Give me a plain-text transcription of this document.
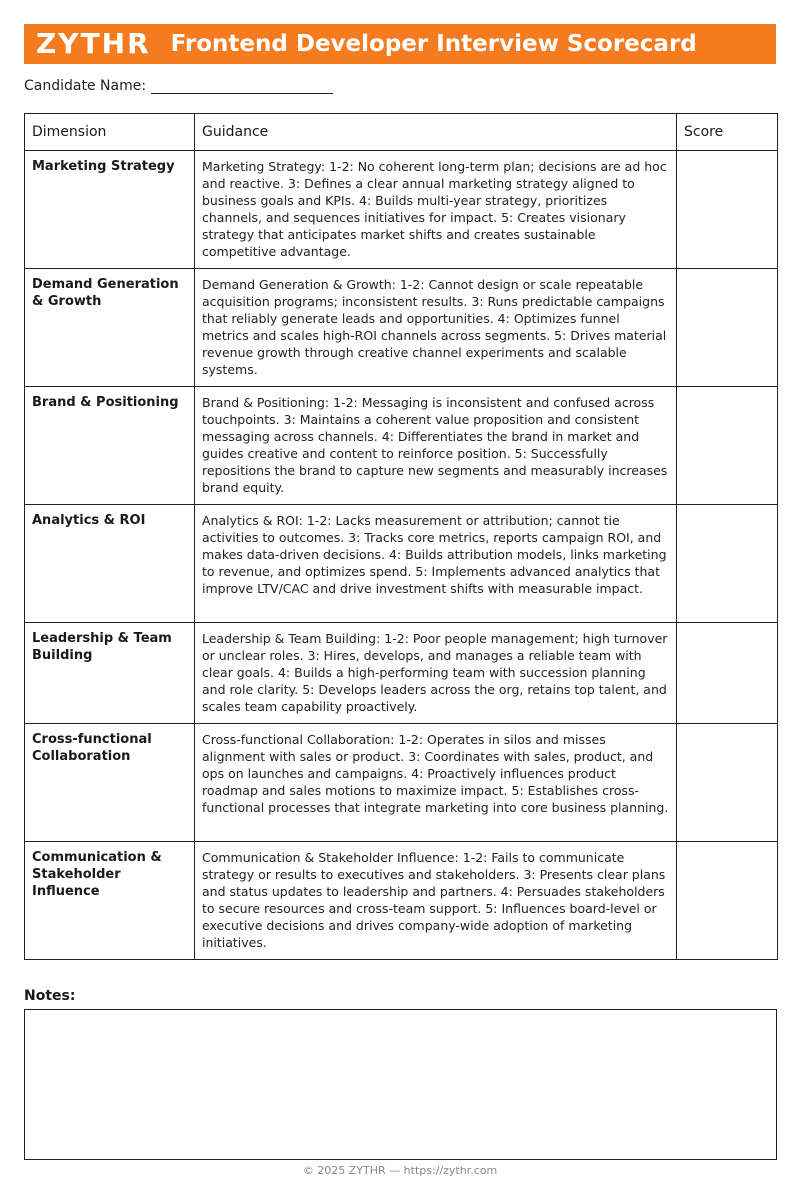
ZYTHR Frontend Developer Interview Scorecard
Candidate Name:
Dimension	Guidance	Score
Marketing Strategy	Marketing Strategy: 1-2: No coherent long-term plan; decisions are ad hoc and reactive. 3: Defines a clear annual marketing strategy aligned to business goals and KPIs. 4: Builds multi-year strategy, prioritizes channels, and sequences initiatives for impact. 5: Creates visionary strategy that anticipates market shifts and creates sustainable competitive advantage.	
Demand Generation & Growth	Demand Generation & Growth: 1-2: Cannot design or scale repeatable acquisition programs; inconsistent results. 3: Runs predictable campaigns that reliably generate leads and opportunities. 4: Optimizes funnel metrics and scales high-ROI channels across segments. 5: Drives material revenue growth through creative channel experiments and scalable systems.	
Brand & Positioning	Brand & Positioning: 1-2: Messaging is inconsistent and confused across touchpoints. 3: Maintains a coherent value proposition and consistent messaging across channels. 4: Differentiates the brand in market and guides creative and content to reinforce position. 5: Successfully repositions the brand to capture new segments and measurably increases brand equity.	
Analytics & ROI	Analytics & ROI: 1-2: Lacks measurement or attribution; cannot tie activities to outcomes. 3: Tracks core metrics, reports campaign ROI, and makes data-driven decisions. 4: Builds attribution models, links marketing to revenue, and optimizes spend. 5: Implements advanced analytics that improve LTV/CAC and drive investment shifts with measurable impact.	
Leadership & Team Building	Leadership & Team Building: 1-2: Poor people management; high turnover or unclear roles. 3: Hires, develops, and manages a reliable team with clear goals. 4: Builds a high-performing team with succession planning and role clarity. 5: Develops leaders across the org, retains top talent, and scales team capability proactively.	
Cross-functional Collaboration	Cross-functional Collaboration: 1-2: Operates in silos and misses alignment with sales or product. 3: Coordinates with sales, product, and ops on launches and campaigns. 4: Proactively influences product roadmap and sales motions to maximize impact. 5: Establishes cross-functional processes that integrate marketing into core business planning.	
Communication & Stakeholder Influence	Communication & Stakeholder Influence: 1-2: Fails to communicate strategy or results to executives and stakeholders. 3: Presents clear plans and status updates to leadership and partners. 4: Persuades stakeholders to secure resources and cross-team support. 5: Influences board-level or executive decisions and drives company-wide adoption of marketing initiatives.	
Notes:
© 2025 ZYTHR — https://zythr.com
